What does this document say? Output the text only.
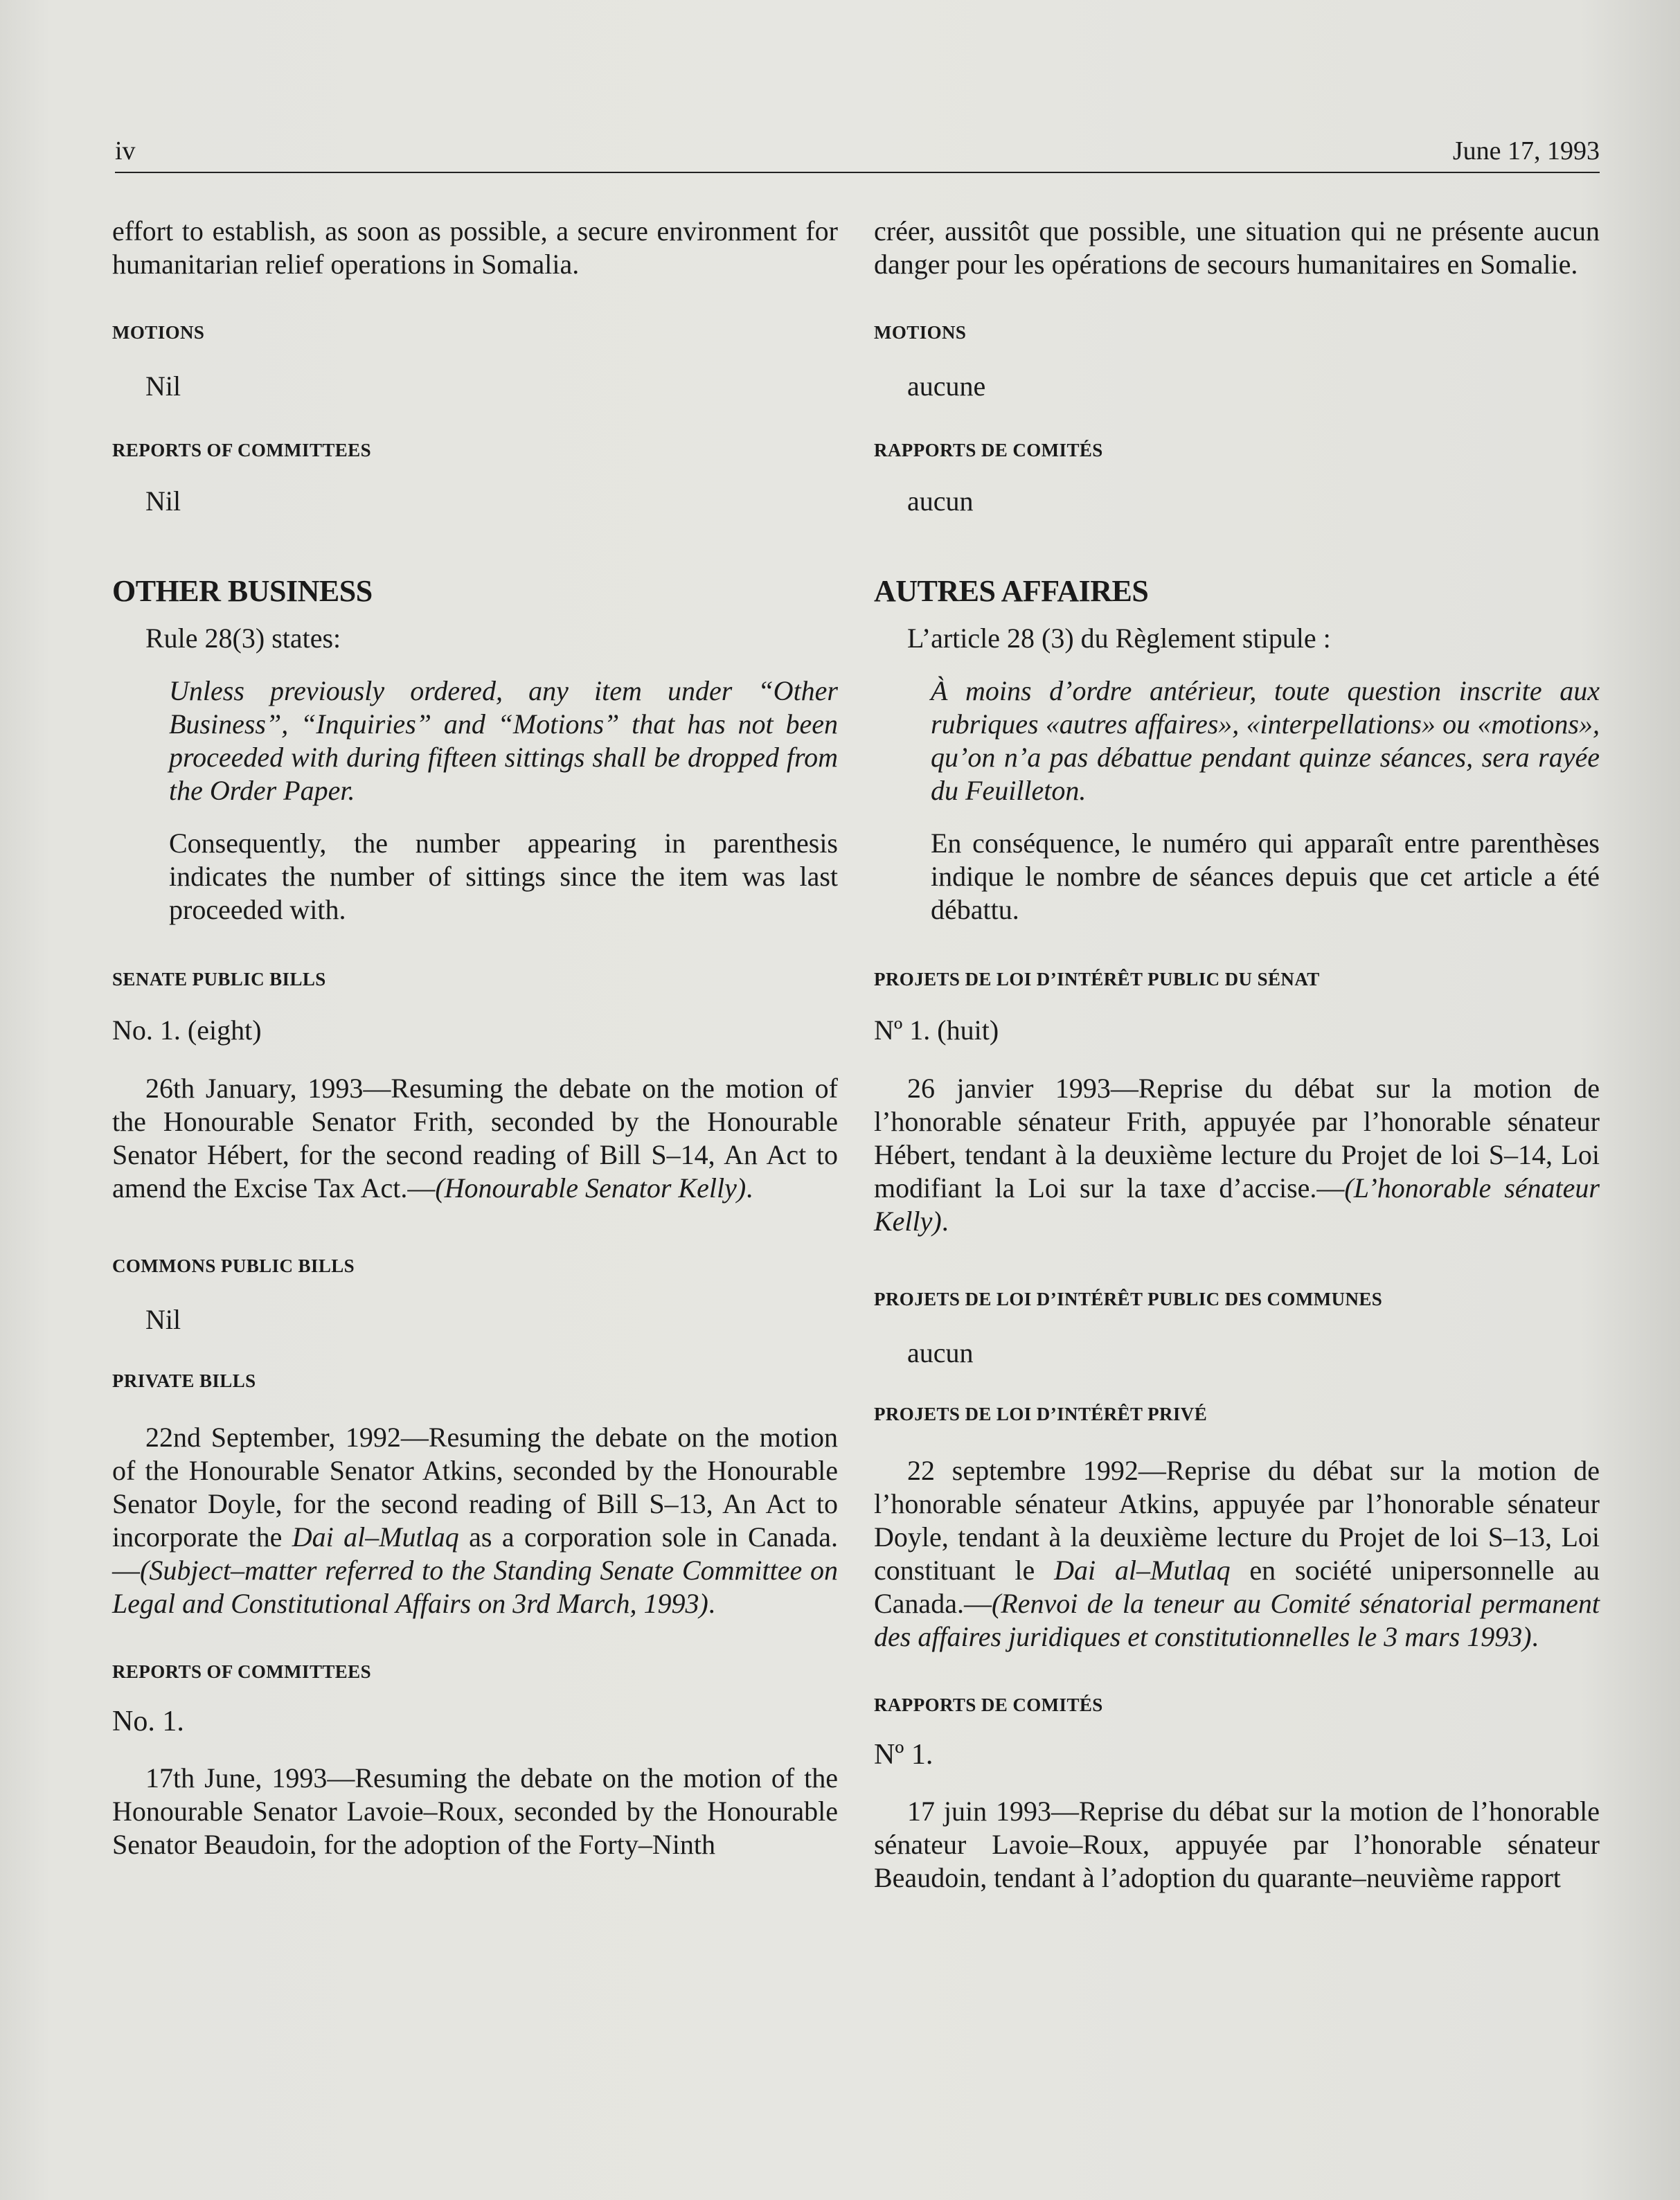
iv	June 17, 1993

effort to establish, as soon as possible, a secure environment for humanitarian relief operations in Somalia.

MOTIONS

Nil

REPORTS OF COMMITTEES

Nil

OTHER BUSINESS

Rule 28(3) states:

Unless previously ordered, any item under “Other Business”, “Inquiries” and “Motions” that has not been proceeded with during fifteen sittings shall be dropped from the Order Paper.

Consequently, the number appearing in parenthesis indicates the number of sittings since the item was last proceeded with.

SENATE PUBLIC BILLS

No. 1. (eight)

26th January, 1993—Resuming the debate on the motion of the Honourable Senator Frith, seconded by the Honourable Senator Hébert, for the second reading of Bill S–14, An Act to amend the Excise Tax Act.—(Honourable Senator Kelly).

COMMONS PUBLIC BILLS

Nil

PRIVATE BILLS

22nd September, 1992—Resuming the debate on the motion of the Honourable Senator Atkins, seconded by the Honourable Senator Doyle, for the second reading of Bill S–13, An Act to incorporate the Dai al–Mutlaq as a corporation sole in Canada.—(Subject–matter referred to the Standing Senate Committee on Legal and Constitutional Affairs on 3rd March, 1993).

REPORTS OF COMMITTEES

No. 1.

17th June, 1993—Resuming the debate on the motion of the Honourable Senator Lavoie–Roux, seconded by the Honourable Senator Beaudoin, for the adoption of the Forty–Ninth

créer, aussitôt que possible, une situation qui ne présente aucun danger pour les opérations de secours humanitaires en Somalie.

MOTIONS

aucune

RAPPORTS DE COMITÉS

aucun

AUTRES AFFAIRES

L’article 28 (3) du Règlement stipule :

À moins d’ordre antérieur, toute question inscrite aux rubriques «autres affaires», «interpellations» ou «motions», qu’on n’a pas débattue pendant quinze séances, sera rayée du Feuilleton.

En conséquence, le numéro qui apparaît entre parenthèses indique le nombre de séances depuis que cet article a été débattu.

PROJETS DE LOI D’INTÉRÊT PUBLIC DU SÉNAT

Nº 1. (huit)

26 janvier 1993—Reprise du débat sur la motion de l’honorable sénateur Frith, appuyée par l’honorable sénateur Hébert, tendant à la deuxième lecture du Projet de loi S–14, Loi modifiant la Loi sur la taxe d’accise.—(L’honorable sénateur Kelly).

PROJETS DE LOI D’INTÉRÊT PUBLIC DES COMMUNES

aucun

PROJETS DE LOI D’INTÉRÊT PRIVÉ

22 septembre 1992—Reprise du débat sur la motion de l’honorable sénateur Atkins, appuyée par l’honorable sénateur Doyle, tendant à la deuxième lecture du Projet de loi S–13, Loi constituant le Dai al–Mutlaq en société unipersonnelle au Canada.—(Renvoi de la teneur au Comité sénatorial permanent des affaires juridiques et constitutionnelles le 3 mars 1993).

RAPPORTS DE COMITÉS

Nº 1.

17 juin 1993—Reprise du débat sur la motion de l’honorable sénateur Lavoie–Roux, appuyée par l’honorable sénateur Beaudoin, tendant à l’adoption du quarante–neuvième rapport
